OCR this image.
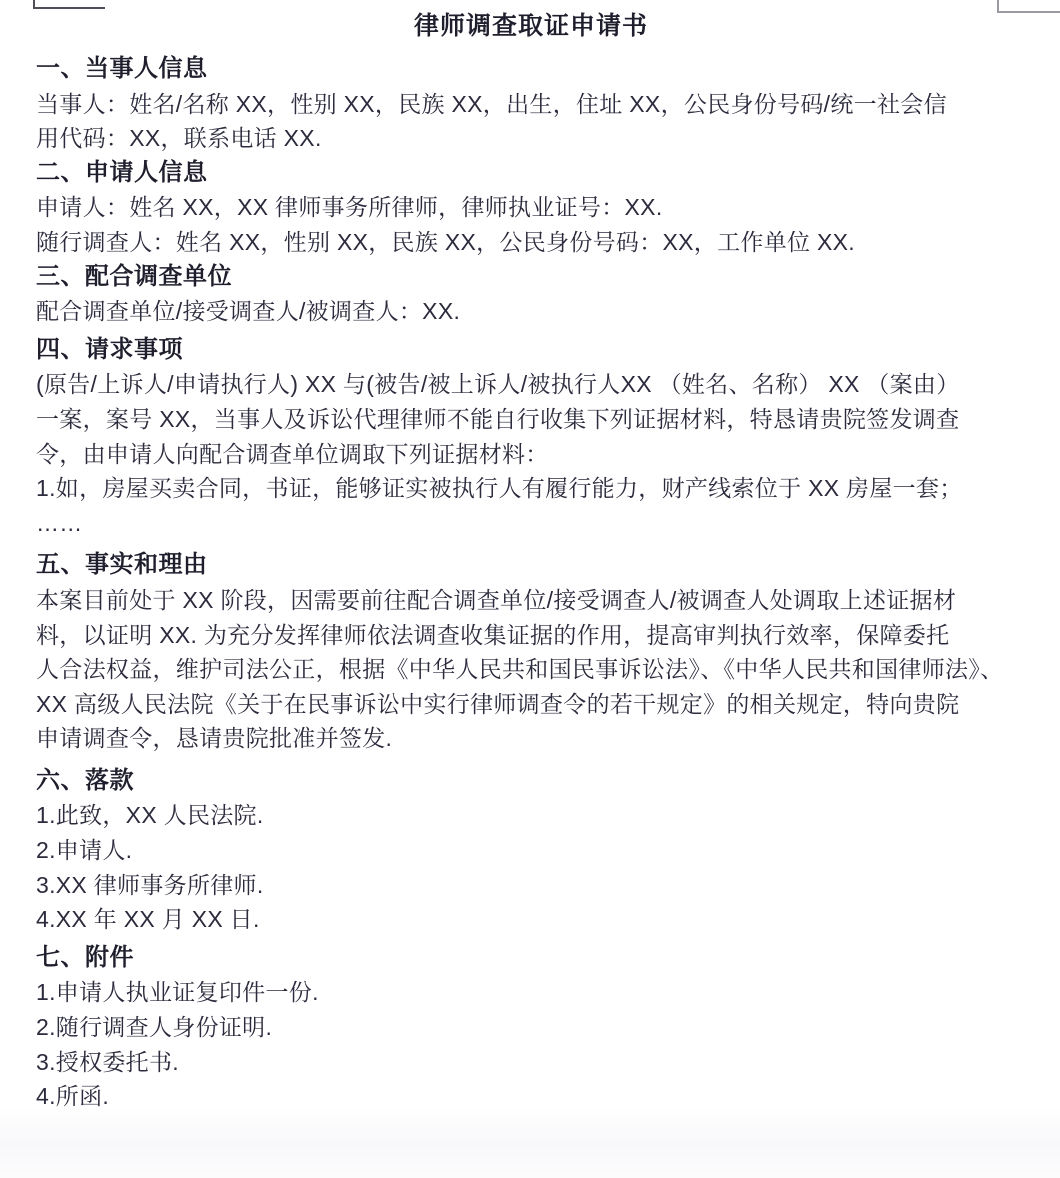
律师调查取证申请书
一、当事人信息
当事人：姓名/名称 XX，性别 XX，民族 XX，出生，住址 XX，公民身份号码/统一社会信
用代码：XX，联系电话 XX.
二、申请人信息
申请人：姓名 XX，XX 律师事务所律师，律师执业证号：XX.
随行调查人：姓名 XX，性别 XX，民族 XX，公民身份号码：XX，工作单位 XX.
三、配合调查单位
配合调查单位/接受调查人/被调查人：XX.
四、请求事项
(原告/上诉人/申请执行人) XX 与(被告/被上诉人/被执行人XX （姓名、名称） XX （案由）
一案，案号 XX，当事人及诉讼代理律师不能自行收集下列证据材料，特恳请贵院签发调查
令，由申请人向配合调查单位调取下列证据材料：
1.如，房屋买卖合同，书证，能够证实被执行人有履行能力，财产线索位于 XX 房屋一套；
……
五、事实和理由
本案目前处于 XX 阶段，因需要前往配合调查单位/接受调查人/被调查人处调取上述证据材
料，以证明 XX. 为充分发挥律师依法调查收集证据的作用，提高审判执行效率，保障委托
人合法权益，维护司法公正，根据《中华人民共和国民事诉讼法》、《中华人民共和国律师法》、
XX 高级人民法院《关于在民事诉讼中实行律师调查令的若干规定》的相关规定，特向贵院
申请调查令，恳请贵院批准并签发.
六、落款
1.此致，XX 人民法院.
2.申请人.
3.XX 律师事务所律师.
4.XX 年 XX 月 XX 日.
七、附件
1.申请人执业证复印件一份.
2.随行调查人身份证明.
3.授权委托书.
4.所函.
